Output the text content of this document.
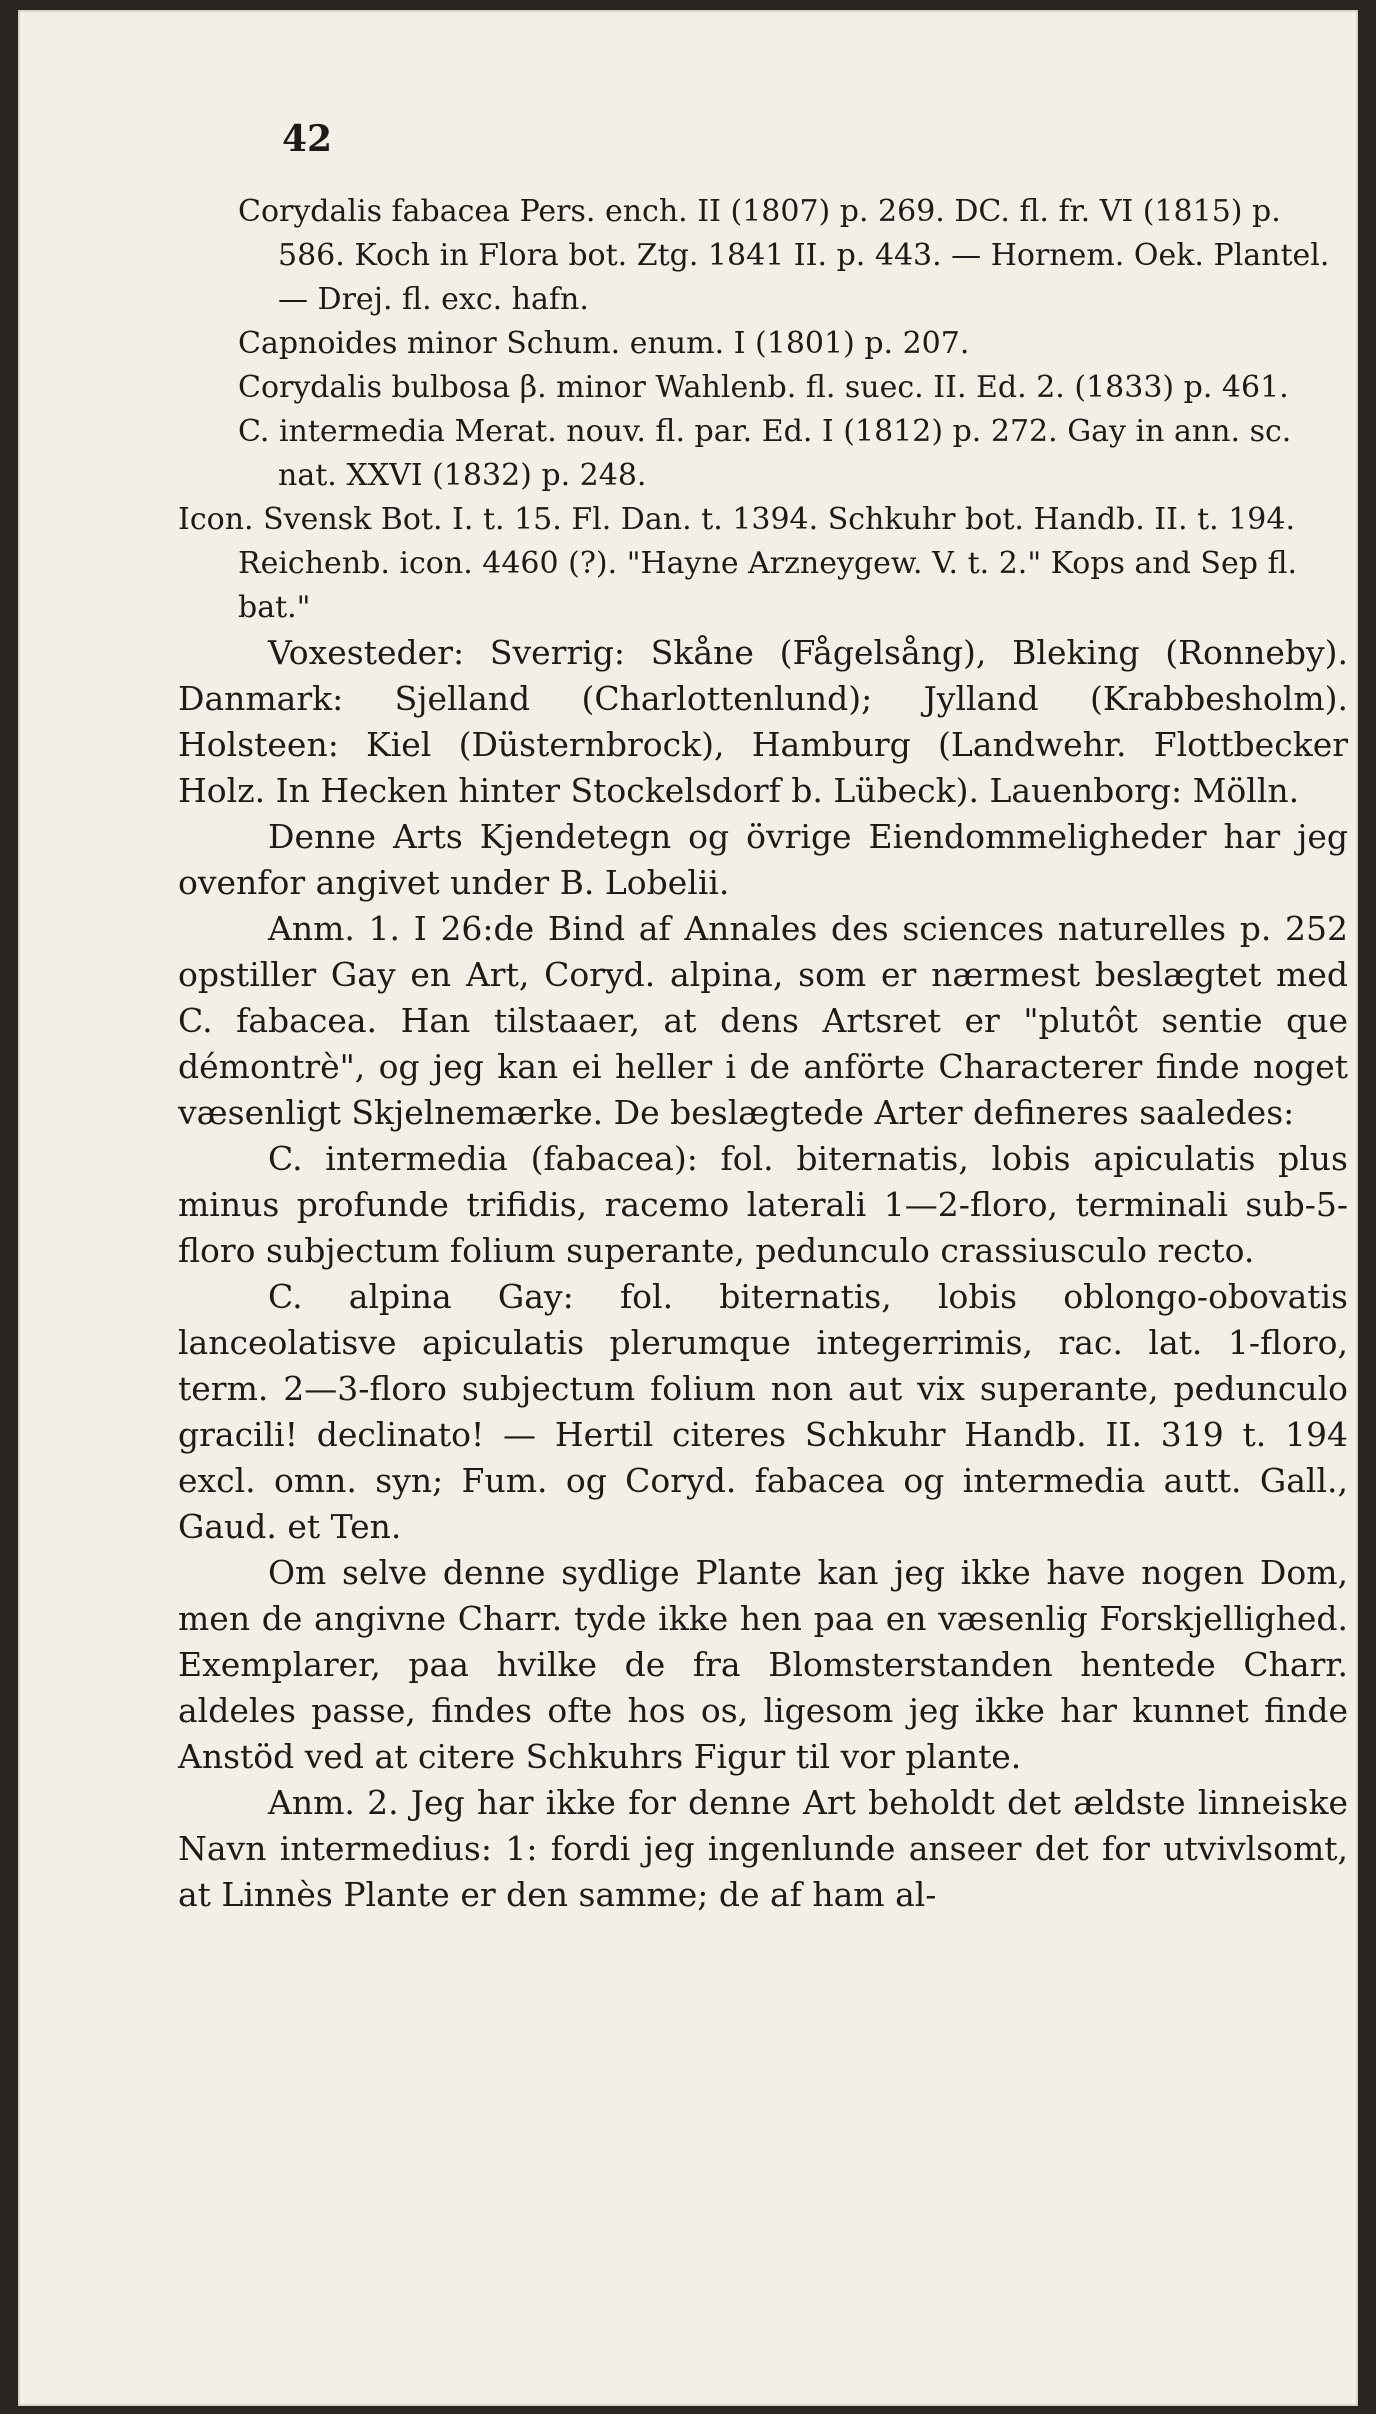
42

Corydalis fabacea Pers. ench. II (1807) p. 269. DC. fl. fr. VI (1815) p. 586. Koch in Flora bot. Ztg. 1841 II. p. 443. — Hornem. Oek. Plantel. — Drej. fl. exc. hafn.

Capnoides minor Schum. enum. I (1801) p. 207.

Corydalis bulbosa β. minor Wahlenb. fl. suec. II. Ed. 2. (1833) p. 461.

C. intermedia Merat. nouv. fl. par. Ed. I (1812) p. 272. Gay in ann. sc. nat. XXVI (1832) p. 248.

Icon. Svensk Bot. I. t. 15. Fl. Dan. t. 1394. Schkuhr bot. Handb. II. t. 194. Reichenb. icon. 4460 (?). "Hayne Arzneygew. V. t. 2." Kops and Sep fl. bat."

Voxesteder: Sverrig: Skåne (Fågelsång), Bleking (Ronneby). Danmark: Sjelland (Charlottenlund); Jylland (Krabbesholm). Holsteen: Kiel (Düsternbrock), Hamburg (Landwehr. Flottbecker Holz. In Hecken hinter Stockelsdorf b. Lübeck). Lauenborg: Mölln.

Denne Arts Kjendetegn og övrige Eiendommeligheder har jeg ovenfor angivet under B. Lobelii.

Anm. 1. I 26:de Bind af Annales des sciences naturelles p. 252 opstiller Gay en Art, Coryd. alpina, som er nærmest beslægtet med C. fabacea. Han tilstaaer, at dens Artsret er "plutôt sentie que démontrè", og jeg kan ei heller i de anförte Characterer finde noget væsenligt Skjelnemærke. De beslægtede Arter defineres saaledes:

C. intermedia (fabacea): fol. biternatis, lobis apiculatis plus minus profunde trifidis, racemo laterali 1—2-floro, terminali sub-5-floro subjectum folium superante, pedunculo crassiusculo recto.

C. alpina Gay: fol. biternatis, lobis oblongo-obovatis lanceolatisve apiculatis plerumque integerrimis, rac. lat. 1-floro, term. 2—3-floro subjectum folium non aut vix superante, pedunculo gracili! declinato! — Hertil citeres Schkuhr Handb. II. 319 t. 194 excl. omn. syn; Fum. og Coryd. fabacea og intermedia autt. Gall., Gaud. et Ten.

Om selve denne sydlige Plante kan jeg ikke have nogen Dom, men de angivne Charr. tyde ikke hen paa en væsenlig Forskjellighed. Exemplarer, paa hvilke de fra Blomsterstanden hentede Charr. aldeles passe, findes ofte hos os, ligesom jeg ikke har kunnet finde Anstöd ved at citere Schkuhrs Figur til vor plante.

Anm. 2. Jeg har ikke for denne Art beholdt det ældste linneiske Navn intermedius: 1: fordi jeg ingenlunde anseer det for utvivlsomt, at Linnès Plante er den samme; de af ham al-
